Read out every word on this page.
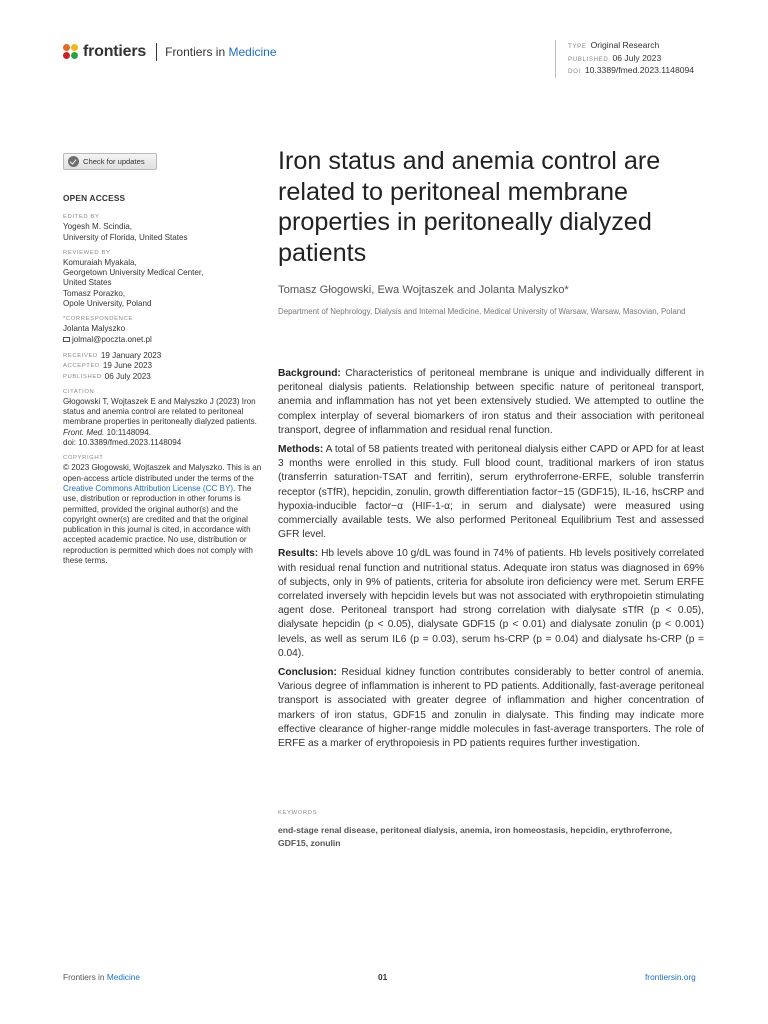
frontiers Frontiers in Medicine	TYPE Original Research
PUBLISHED 06 July 2023
DOI 10.3389/fmed.2023.1148094
Check for updates
OPEN ACCESS
EDITED BY
Yogesh M. Scindia,
University of Florida, United States
REVIEWED BY
Komuraiah Myakala,
Georgetown University Medical Center,
United States
Tomasz Porazko,
Opole University, Poland
*CORRESPONDENCE
Jolanta Malyszko
jolmal@poczta.onet.pl
RECEIVED 19 January 2023
ACCEPTED 19 June 2023
PUBLISHED 06 July 2023
CITATION
Głogowski T, Wojtaszek E and Malyszko J (2023) Iron status and anemia control are related to peritoneal membrane properties in peritoneally dialyzed patients. Front. Med. 10:1148094.
doi: 10.3389/fmed.2023.1148094
COPYRIGHT
© 2023 Głogowski, Wojtaszek and Malyszko. This is an open-access article distributed under the terms of the Creative Commons Attribution License (CC BY). The use, distribution or reproduction in other forums is permitted, provided the original author(s) and the copyright owner(s) are credited and that the original publication in this journal is cited, in accordance with accepted academic practice. No use, distribution or reproduction is permitted which does not comply with these terms.
Iron status and anemia control are related to peritoneal membrane properties in peritoneally dialyzed patients
Tomasz Głogowski, Ewa Wojtaszek and Jolanta Malyszko*
Department of Nephrology, Dialysis and Internal Medicine, Medical University of Warsaw, Warsaw, Masovian, Poland

Background: Characteristics of peritoneal membrane is unique and individually different in peritoneal dialysis patients. Relationship between specific nature of peritoneal transport, anemia and inflammation has not yet been extensively studied. We attempted to outline the complex interplay of several biomarkers of iron status and their association with peritoneal transport, degree of inflammation and residual renal function.

Methods: A total of 58 patients treated with peritoneal dialysis either CAPD or APD for at least 3 months were enrolled in this study. Full blood count, traditional markers of iron status (transferrin saturation-TSAT and ferritin), serum erythroferrone-ERFE, soluble transferrin receptor (sTfR), hepcidin, zonulin, growth differentiation factor−15 (GDF15), IL-16, hsCRP and hypoxia-inducible factor−α (HIF-1-α; in serum and dialysate) were measured using commercially available tests. We also performed Peritoneal Equilibrium Test and assessed GFR level.

Results: Hb levels above 10 g/dL was found in 74% of patients. Hb levels positively correlated with residual renal function and nutritional status. Adequate iron status was diagnosed in 69% of subjects, only in 9% of patients, criteria for absolute iron deficiency were met. Serum ERFE correlated inversely with hepcidin levels but was not associated with erythropoietin stimulating agent dose. Peritoneal transport had strong correlation with dialysate sTfR (p < 0.05), dialysate hepcidin (p < 0.05), dialysate GDF15 (p < 0.01) and dialysate zonulin (p < 0.001) levels, as well as serum IL6 (p = 0.03), serum hs-CRP (p = 0.04) and dialysate hs-CRP (p = 0.04).

Conclusion: Residual kidney function contributes considerably to better control of anemia. Various degree of inflammation is inherent to PD patients. Additionally, fast-average peritoneal transport is associated with greater degree of inflammation and higher concentration of markers of iron status, GDF15 and zonulin in dialysate. This finding may indicate more effective clearance of higher-range middle molecules in fast-average transporters. The role of ERFE as a marker of erythropoiesis in PD patients requires further investigation.

KEYWORDS
end-stage renal disease, peritoneal dialysis, anemia, iron homeostasis, hepcidin, erythroferrone, GDF15, zonulin
Frontiers in Medicine	01	frontiersin.org
